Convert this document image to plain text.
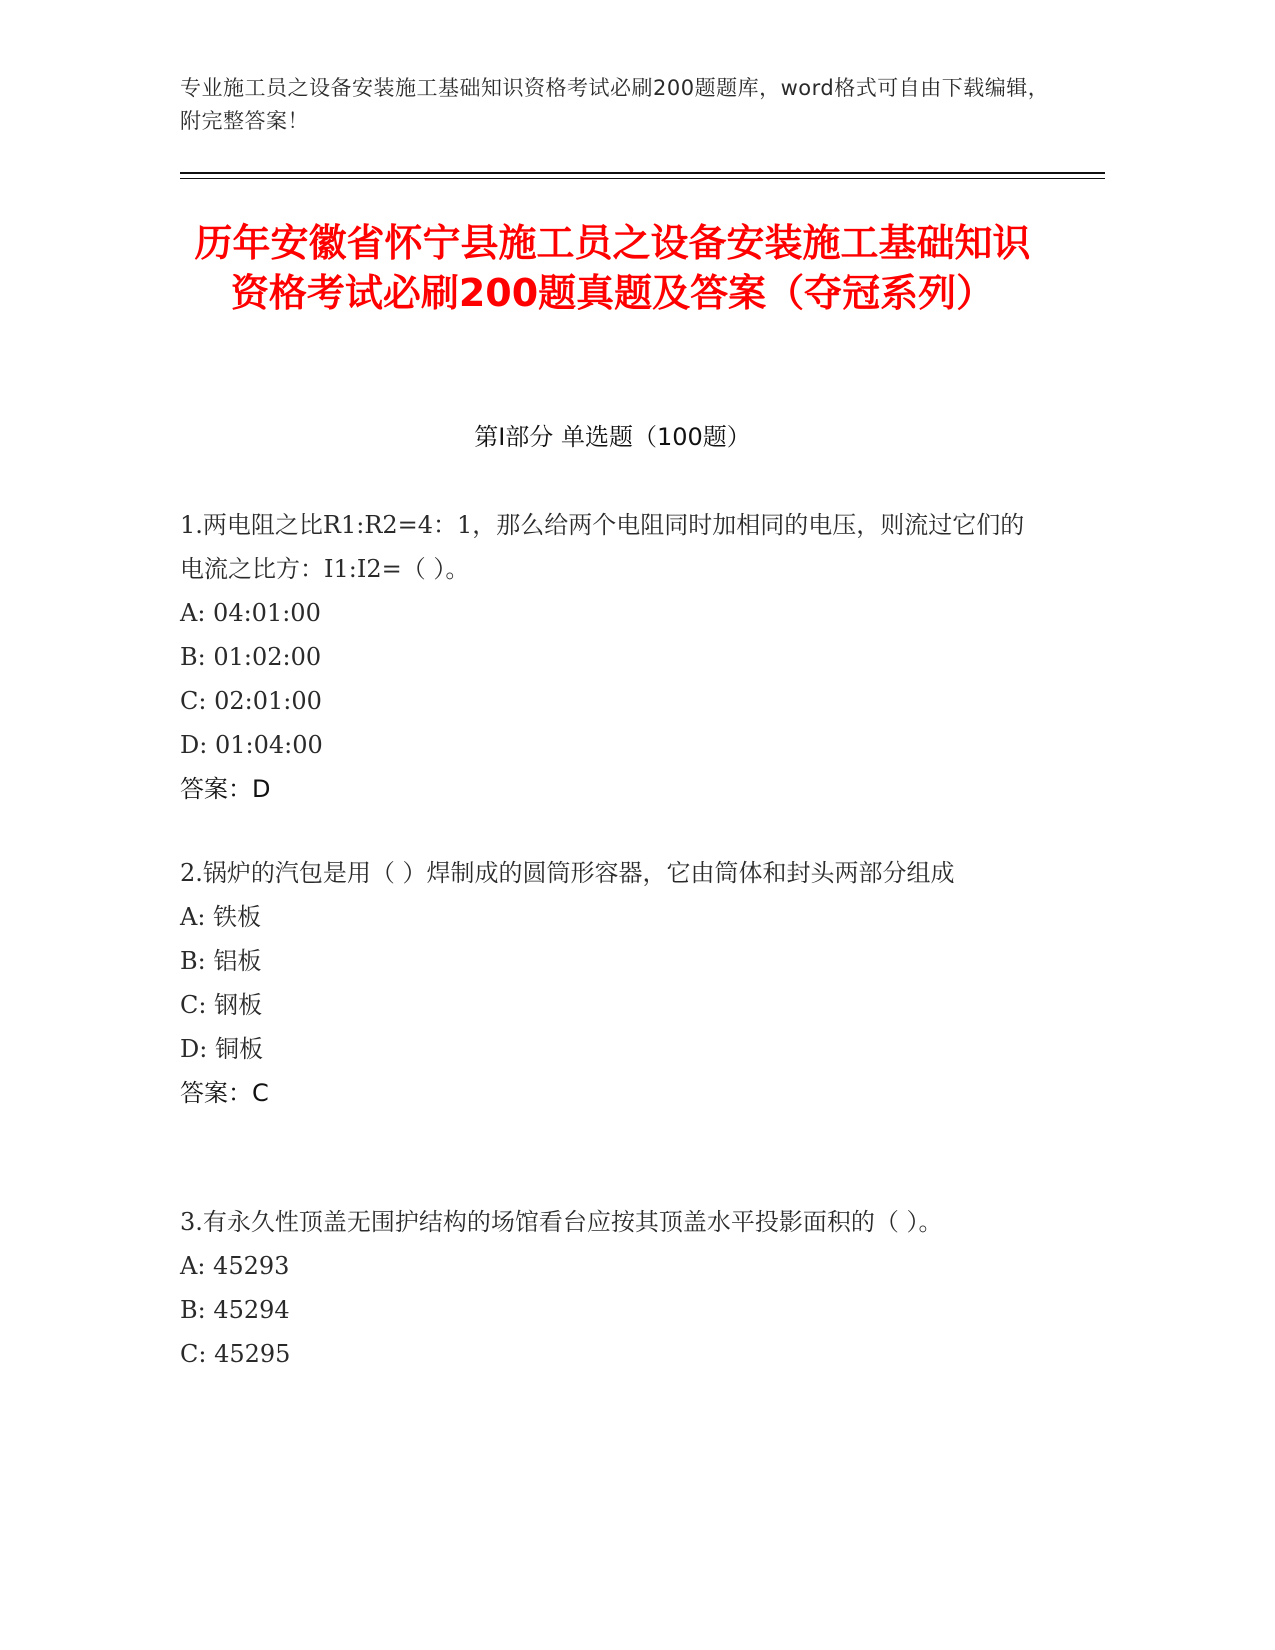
专业施工员之设备安装施工基础知识资格考试必刷200题题库，word格式可自由下载编辑，附完整答案！
历年安徽省怀宁县施工员之设备安装施工基础知识资格考试必刷200题真题及答案（夺冠系列）
第Ⅰ部分 单选题（100题）

1.两电阻之比R1:R2=4：1，那么给两个电阻同时加相同的电压，则流过它们的电流之比方：I1:I2=（ ）。

A: 04:01:00

B: 01:02:00

C: 02:01:00

D: 01:04:00

答案：D

2.锅炉的汽包是用（ ）焊制成的圆筒形容器，它由筒体和封头两部分组成

A: 铁板

B: 铝板

C: 钢板

D: 铜板

答案：C

3.有永久性顶盖无围护结构的场馆看台应按其顶盖水平投影面积的（ ）。

A: 45293

B: 45294

C: 45295
